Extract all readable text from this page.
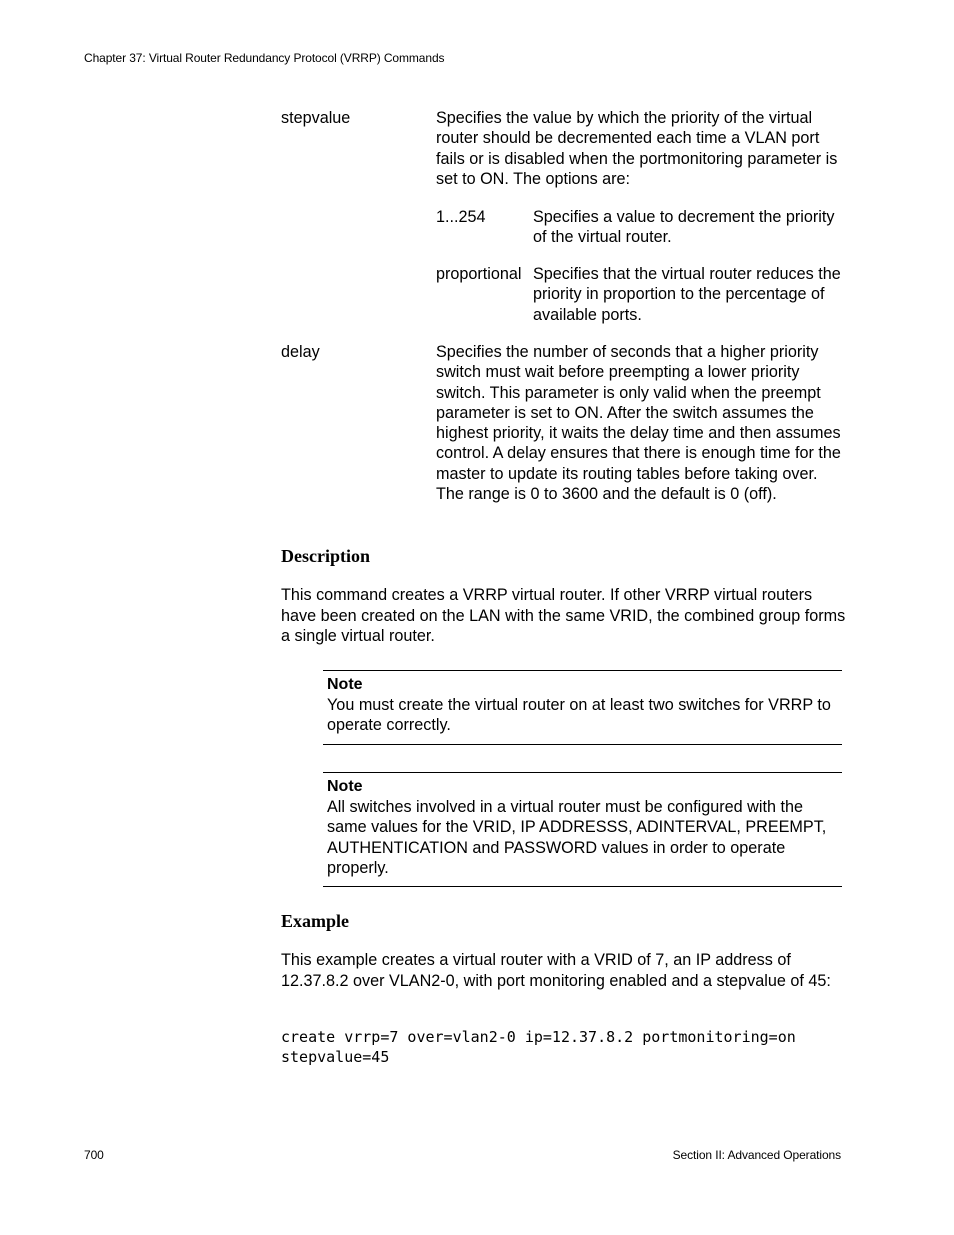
Chapter 37: Virtual Router Redundancy Protocol (VRRP) Commands
stepvalue	Specifies the value by which the priority of the virtual router should be decremented each time a VLAN port fails or is disabled when the portmonitoring parameter is set to ON. The options are:
1...254	Specifies a value to decrement the priority of the virtual router.
proportional Specifies that the virtual router reduces the priority in proportion to the percentage of available ports.
delay	Specifies the number of seconds that a higher priority switch must wait before preempting a lower priority switch. This parameter is only valid when the preempt parameter is set to ON. After the switch assumes the highest priority, it waits the delay time and then assumes control. A delay ensures that there is enough time for the master to update its routing tables before taking over. The range is 0 to 3600 and the default is 0 (off).
Description
This command creates a VRRP virtual router. If other VRRP virtual routers have been created on the LAN with the same VRID, the combined group forms a single virtual router.
Note
You must create the virtual router on at least two switches for VRRP to operate correctly.
Note
All switches involved in a virtual router must be configured with the same values for the VRID, IP ADDRESSS, ADINTERVAL, PREEMPT, AUTHENTICATION and PASSWORD values in order to operate properly.
Example
This example creates a virtual router with a VRID of 7, an IP address of 12.37.8.2 over VLAN2-0, with port monitoring enabled and a stepvalue of 45:
create vrrp=7 over=vlan2-0 ip=12.37.8.2 portmonitoring=on
stepvalue=45
700	Section II: Advanced Operations
